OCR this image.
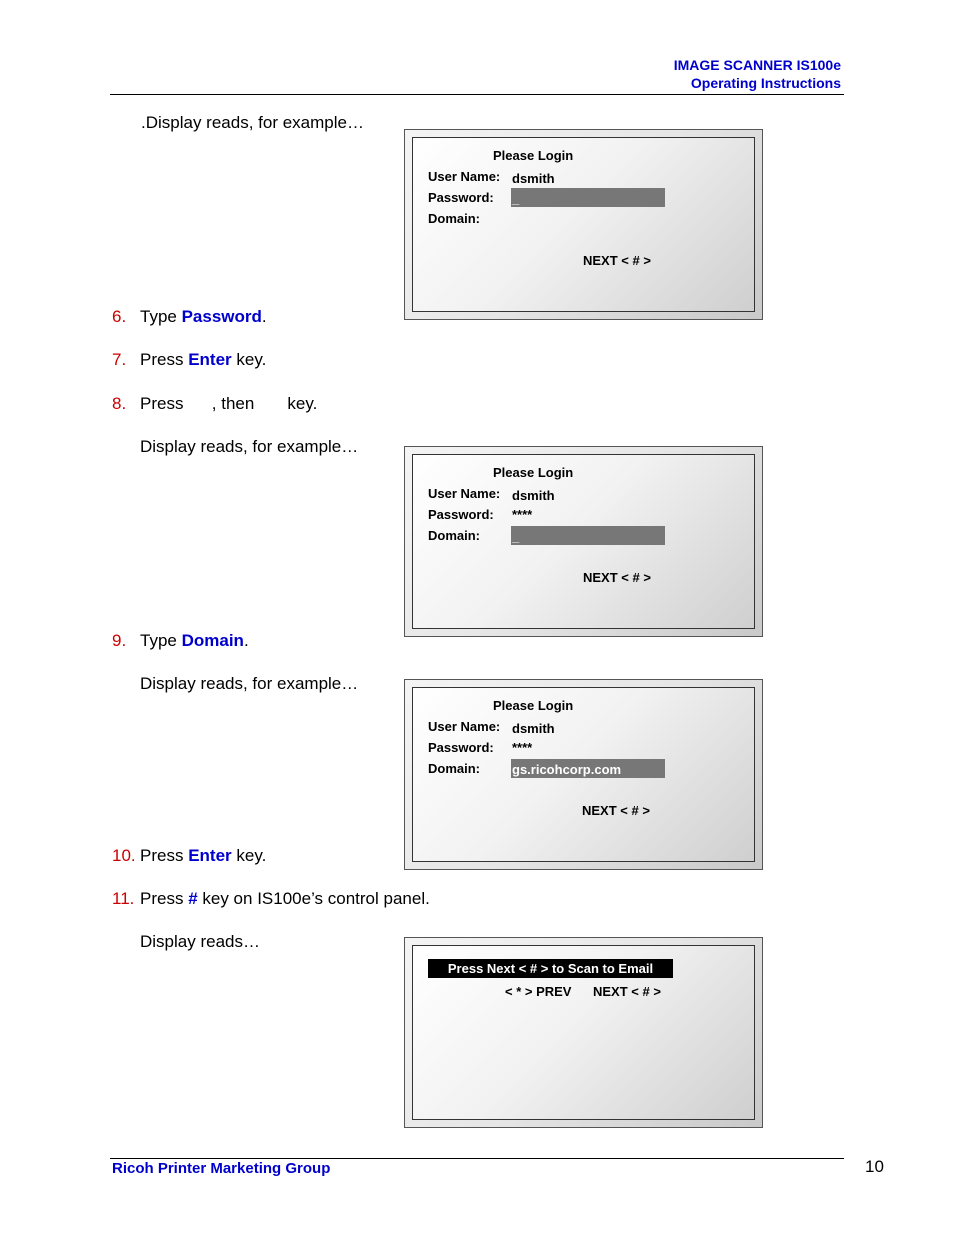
IMAGE SCANNER IS100e
Operating Instructions
.Display reads, for example…
Please Login
User Name: dsmith
Password: _
Domain:
NEXT < # >
6. Type Password.
7. Press Enter key.
8. Press      , then       key.
Display reads, for example…
Please Login
User Name: dsmith
Password: ****
Domain: _
NEXT < # >
9. Type Domain.
Display reads, for example…
Please Login
User Name: dsmith
Password: ****
Domain: gs.ricohcorp.com
NEXT < # >
10. Press Enter key.
11. Press # key on IS100e’s control panel.
Display reads…
Press Next < # > to Scan to Email
< * > PREV NEXT < # >
Ricoh Printer Marketing Group	10
